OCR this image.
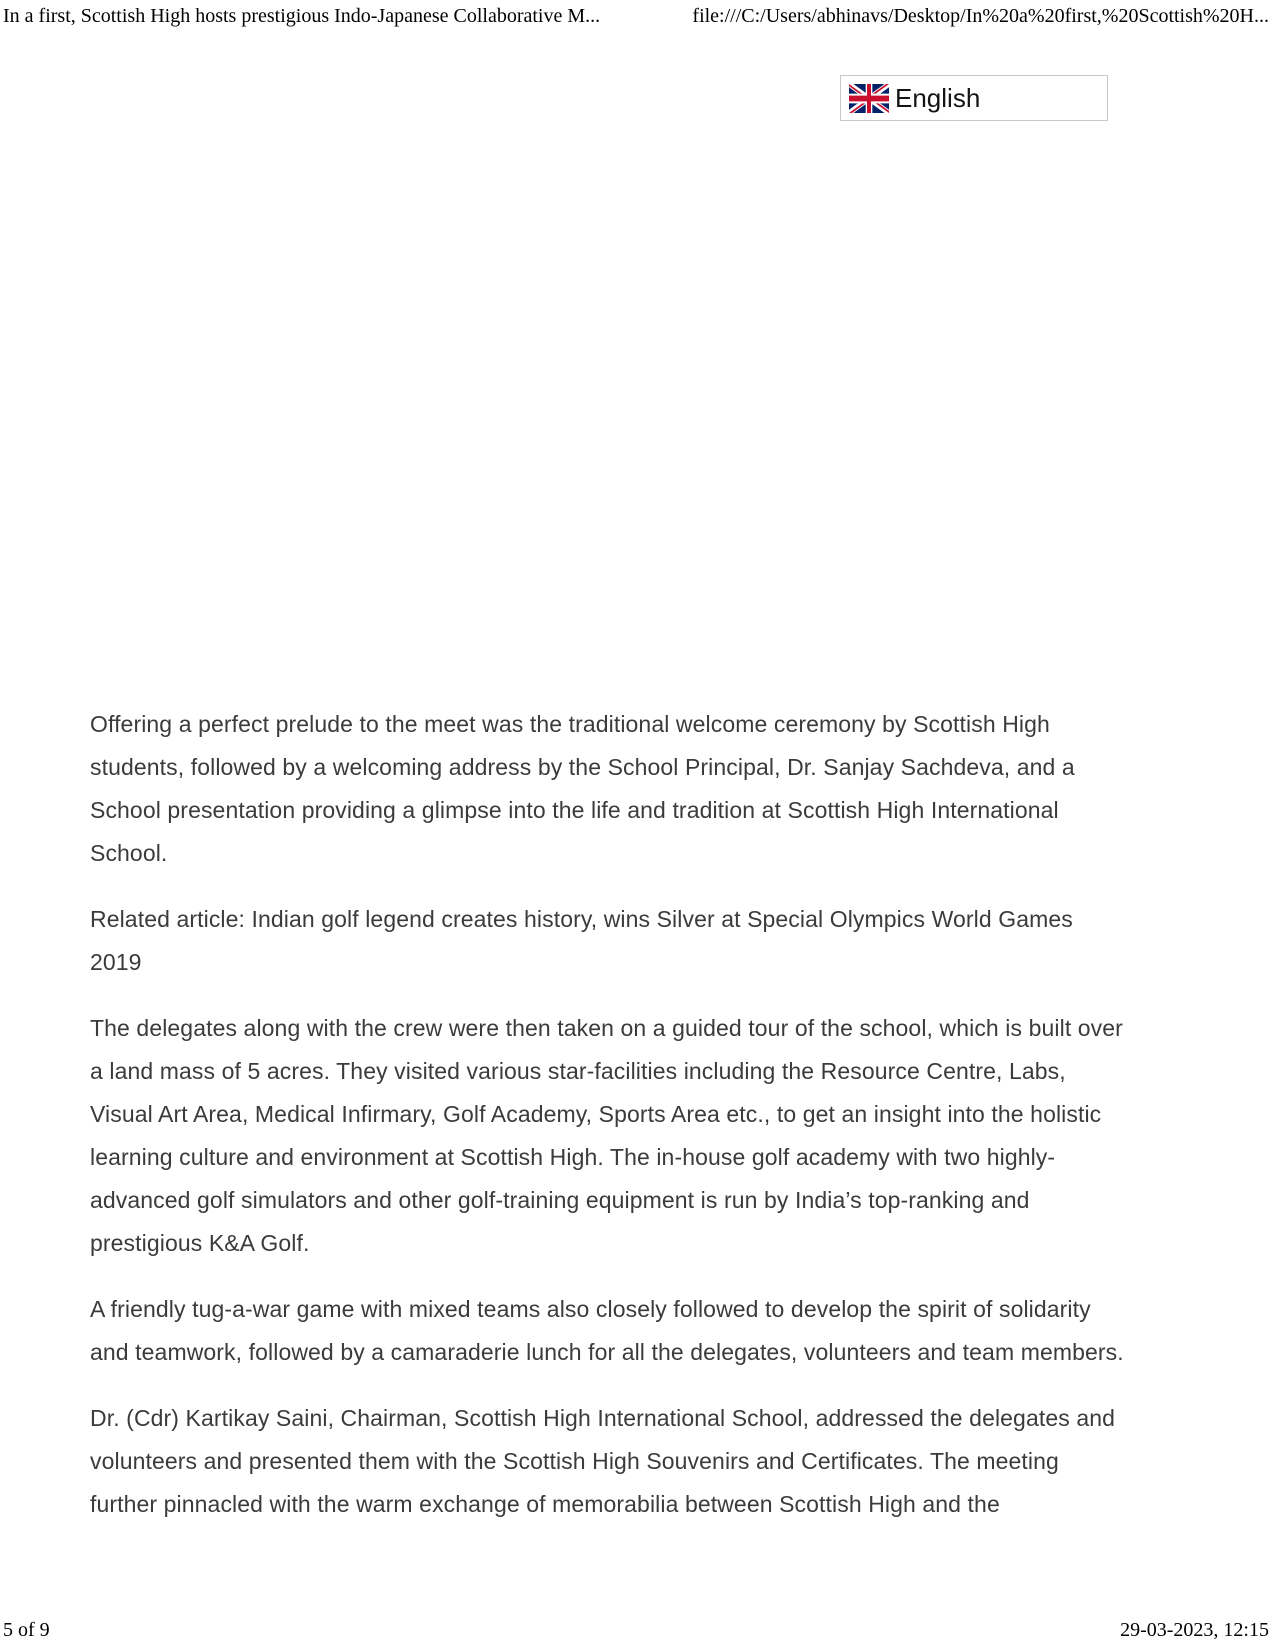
In a first, Scottish High hosts prestigious Indo-Japanese Collaborative M...	file:///C:/Users/abhinavs/Desktop/In%20a%20first,%20Scottish%20H...
English

Offering a perfect prelude to the meet was the traditional welcome ceremony by Scottish High students, followed by a welcoming address by the School Principal, Dr. Sanjay Sachdeva, and a School presentation providing a glimpse into the life and tradition at Scottish High International School.

Related article: Indian golf legend creates history, wins Silver at Special Olympics World Games 2019

The delegates along with the crew were then taken on a guided tour of the school, which is built over a land mass of 5 acres. They visited various star-facilities including the Resource Centre, Labs, Visual Art Area, Medical Infirmary, Golf Academy, Sports Area etc., to get an insight into the holistic learning culture and environment at Scottish High. The in-house golf academy with two highly-advanced golf simulators and other golf-training equipment is run by India’s top-ranking and prestigious K&A Golf.

A friendly tug-a-war game with mixed teams also closely followed to develop the spirit of solidarity and teamwork, followed by a camaraderie lunch for all the delegates, volunteers and team members.

Dr. (Cdr) Kartikay Saini, Chairman, Scottish High International School, addressed the delegates and volunteers and presented them with the Scottish High Souvenirs and Certificates. The meeting further pinnacled with the warm exchange of memorabilia between Scottish High and the

5 of 9	29-03-2023, 12:15
